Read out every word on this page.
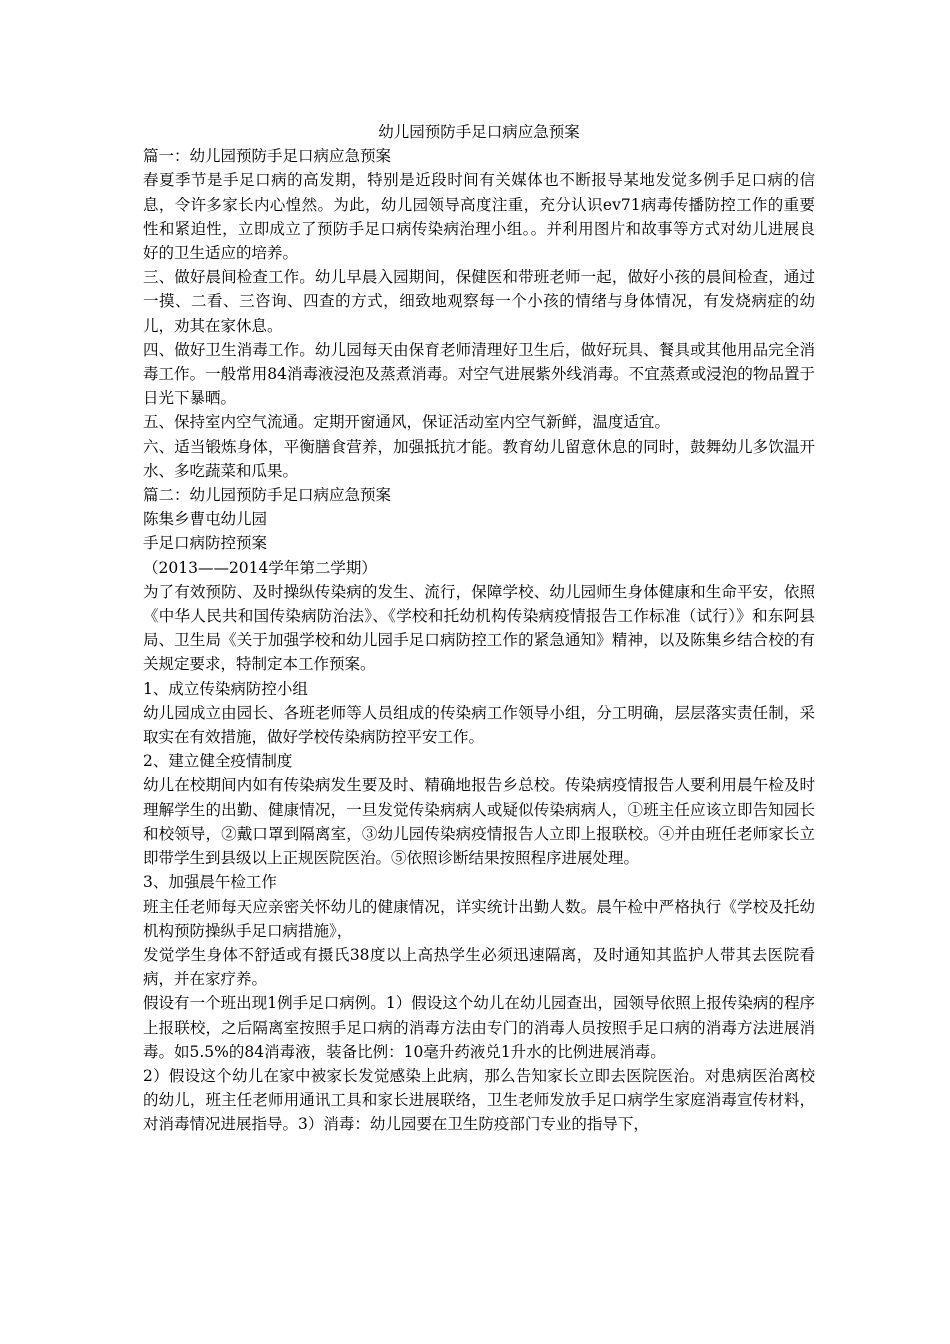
幼儿园预防手足口病应急预案

篇一：幼儿园预防手足口病应急预案

春夏季节是手足口病的高发期，特别是近段时间有关媒体也不断报导某地发觉多例手足口病的信息，令许多家长内心惶然。为此，幼儿园领导高度注重，充分认识ev71病毒传播防控工作的重要性和紧迫性，立即成立了预防手足口病传染病治理小组。。并利用图片和故事等方式对幼儿进展良好的卫生适应的培养。

三、做好晨间检查工作。幼儿早晨入园期间，保健医和带班老师一起，做好小孩的晨间检查，通过一摸、二看、三咨询、四查的方式，细致地观察每一个小孩的情绪与身体情况，有发烧病症的幼儿，劝其在家休息。

四、做好卫生消毒工作。幼儿园每天由保育老师清理好卫生后，做好玩具、餐具或其他用品完全消毒工作。一般常用84消毒液浸泡及蒸煮消毒。对空气进展紫外线消毒。不宜蒸煮或浸泡的物品置于日光下暴晒。

五、保持室内空气流通。定期开窗通风，保证活动室内空气新鲜，温度适宜。

六、适当锻炼身体，平衡膳食营养，加强抵抗才能。教育幼儿留意休息的同时，鼓舞幼儿多饮温开水、多吃蔬菜和瓜果。

篇二：幼儿园预防手足口病应急预案

陈集乡曹屯幼儿园

手足口病防控预案

（2013——2014学年第二学期）

为了有效预防、及时操纵传染病的发生、流行，保障学校、幼儿园师生身体健康和生命平安，依照《中华人民共和国传染病防治法》、《学校和托幼机构传染病疫情报告工作标准（试行）》和东阿县局、卫生局《关于加强学校和幼儿园手足口病防控工作的紧急通知》精神，以及陈集乡结合校的有关规定要求，特制定本工作预案。

1、成立传染病防控小组

幼儿园成立由园长、各班老师等人员组成的传染病工作领导小组，分工明确，层层落实责任制，采取实在有效措施，做好学校传染病防控平安工作。

2、建立健全疫情制度

幼儿在校期间内如有传染病发生要及时、精确地报告乡总校。传染病疫情报告人要利用晨午检及时理解学生的出勤、健康情况，一旦发觉传染病病人或疑似传染病病人，①班主任应该立即告知园长和校领导，②戴口罩到隔离室，③幼儿园传染病疫情报告人立即上报联校。④并由班任老师家长立即带学生到县级以上正规医院医治。⑤依照诊断结果按照程序进展处理。

3、加强晨午检工作

班主任老师每天应亲密关怀幼儿的健康情况，详实统计出勤人数。晨午检中严格执行《学校及托幼机构预防操纵手足口病措施》，

发觉学生身体不舒适或有摄氏38度以上高热学生必须迅速隔离，及时通知其监护人带其去医院看病，并在家疗养。

假设有一个班出现1例手足口病例。1）假设这个幼儿在幼儿园查出，园领导依照上报传染病的程序上报联校，之后隔离室按照手足口病的消毒方法由专门的消毒人员按照手足口病的消毒方法进展消毒。如5.5%的84消毒液，装备比例：10毫升药液兑1升水的比例进展消毒。

2）假设这个幼儿在家中被家长发觉感染上此病，那么告知家长立即去医院医治。对患病医治离校的幼儿，班主任老师用通讯工具和家长进展联络，卫生老师发放手足口病学生家庭消毒宣传材料，对消毒情况进展指导。3）消毒：幼儿园要在卫生防疫部门专业的指导下，
